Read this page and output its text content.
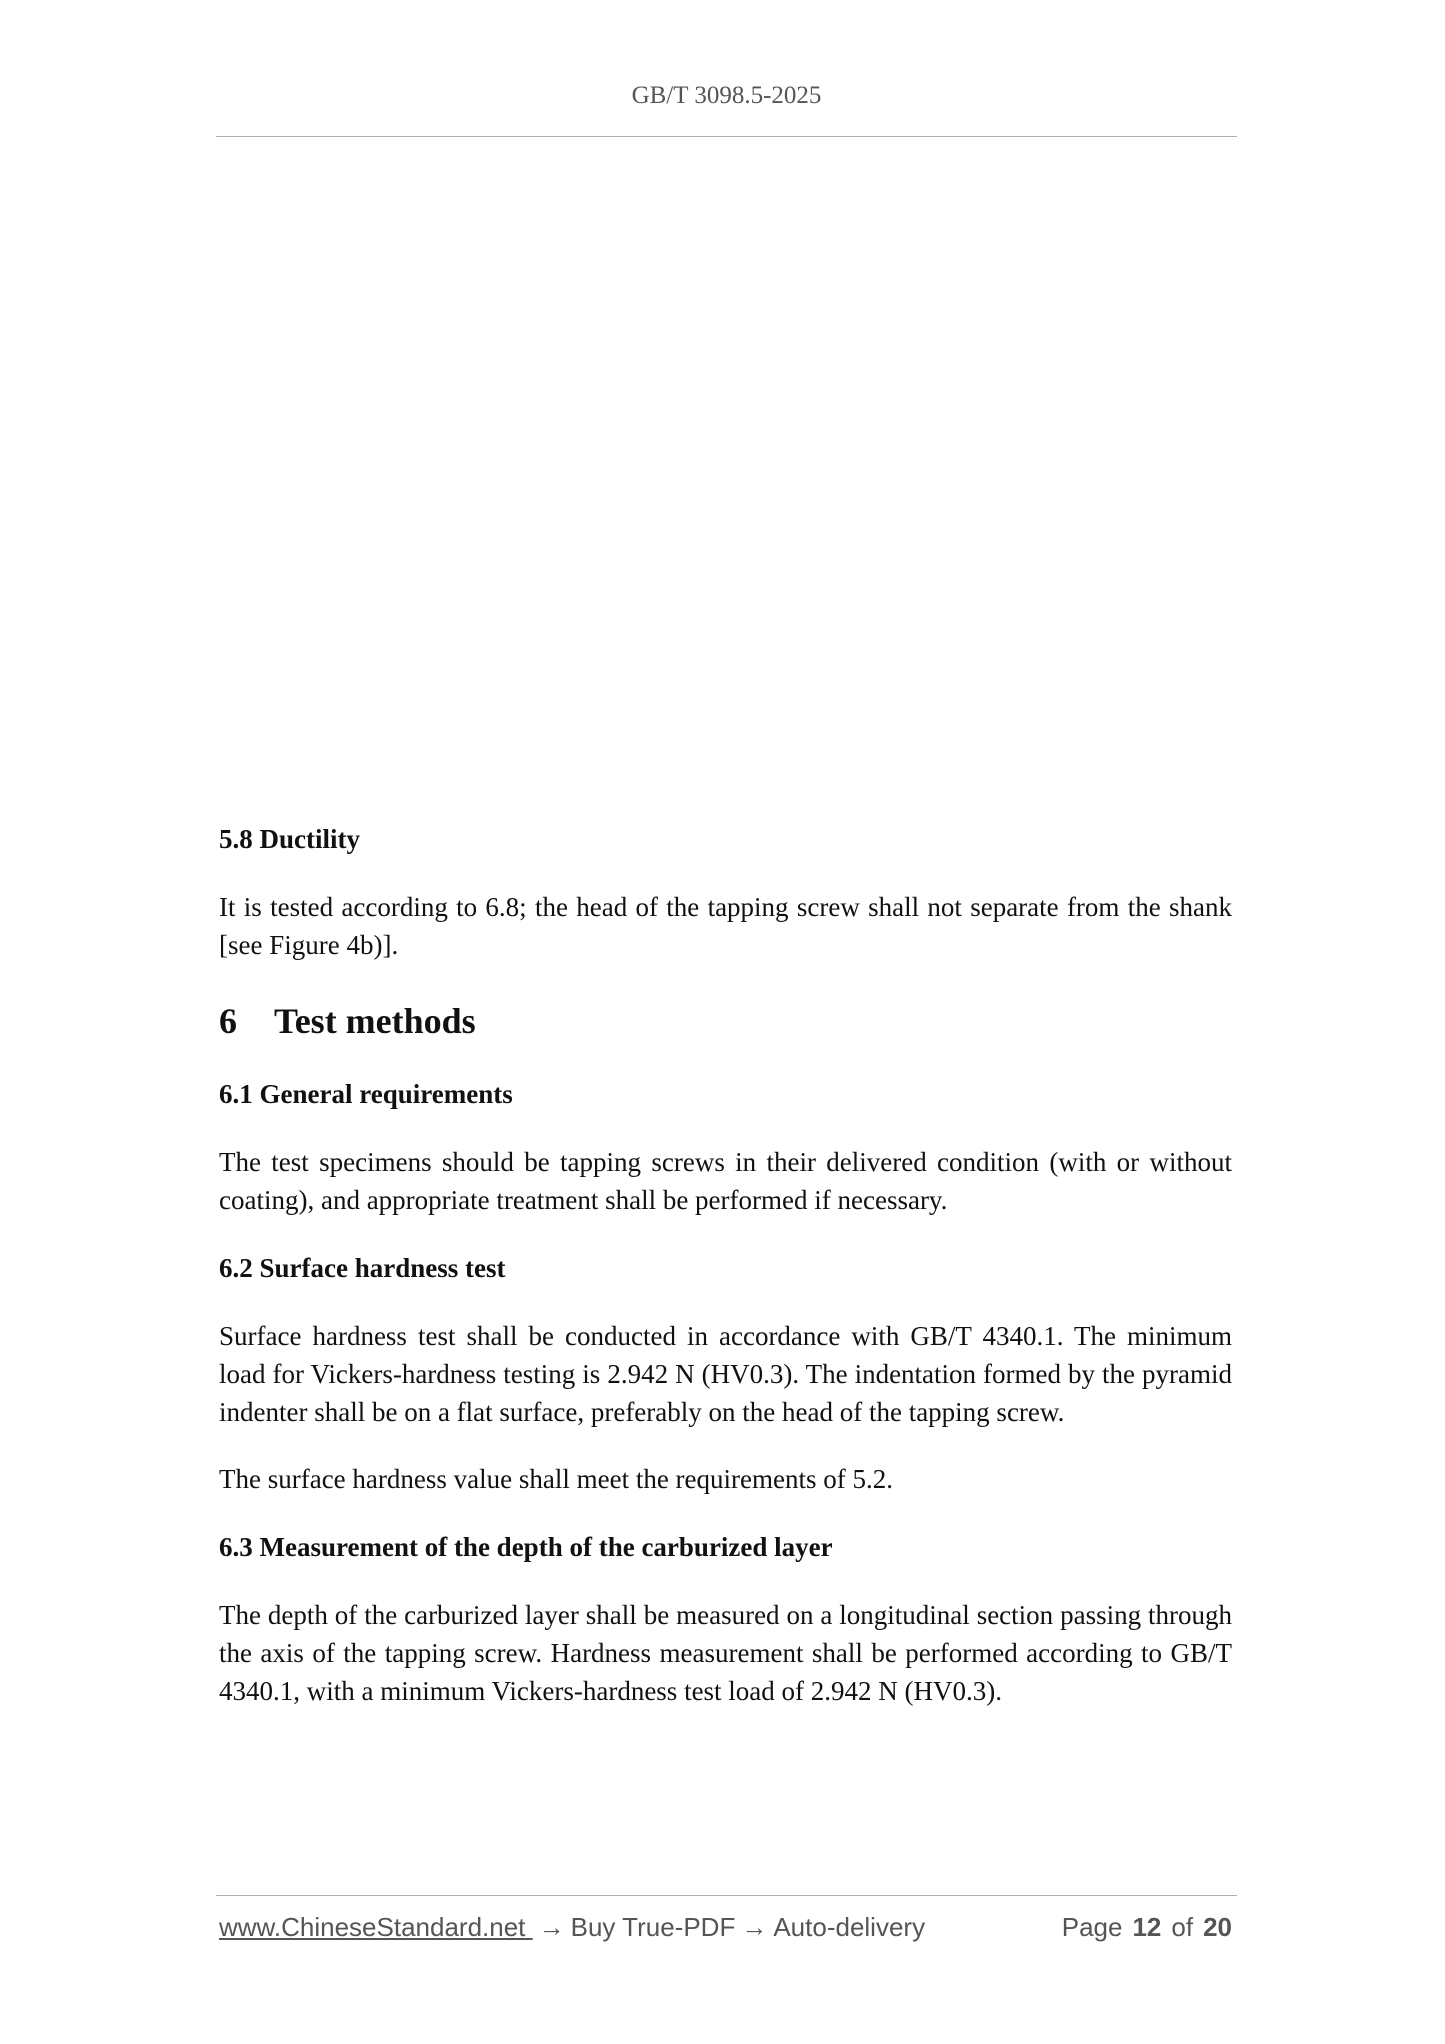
GB/T 3098.5-2025

5.8 Ductility

It is tested according to 6.8; the head of the tapping screw shall not separate from the shank [see Figure 4b)].

6 Test methods

6.1 General requirements

The test specimens should be tapping screws in their delivered condition (with or without coating), and appropriate treatment shall be performed if necessary.

6.2 Surface hardness test

Surface hardness test shall be conducted in accordance with GB/T 4340.1. The minimum load for Vickers-hardness testing is 2.942 N (HV0.3). The indentation formed by the pyramid indenter shall be on a flat surface, preferably on the head of the tapping screw.

The surface hardness value shall meet the requirements of 5.2.

6.3 Measurement of the depth of the carburized layer

The depth of the carburized layer shall be measured on a longitudinal section passing through the axis of the tapping screw. Hardness measurement shall be performed according to GB/T 4340.1, with a minimum Vickers-hardness test load of 2.942 N (HV0.3).

www.ChineseStandard.net → Buy True-PDF → Auto-delivery	Page 12 of 20
